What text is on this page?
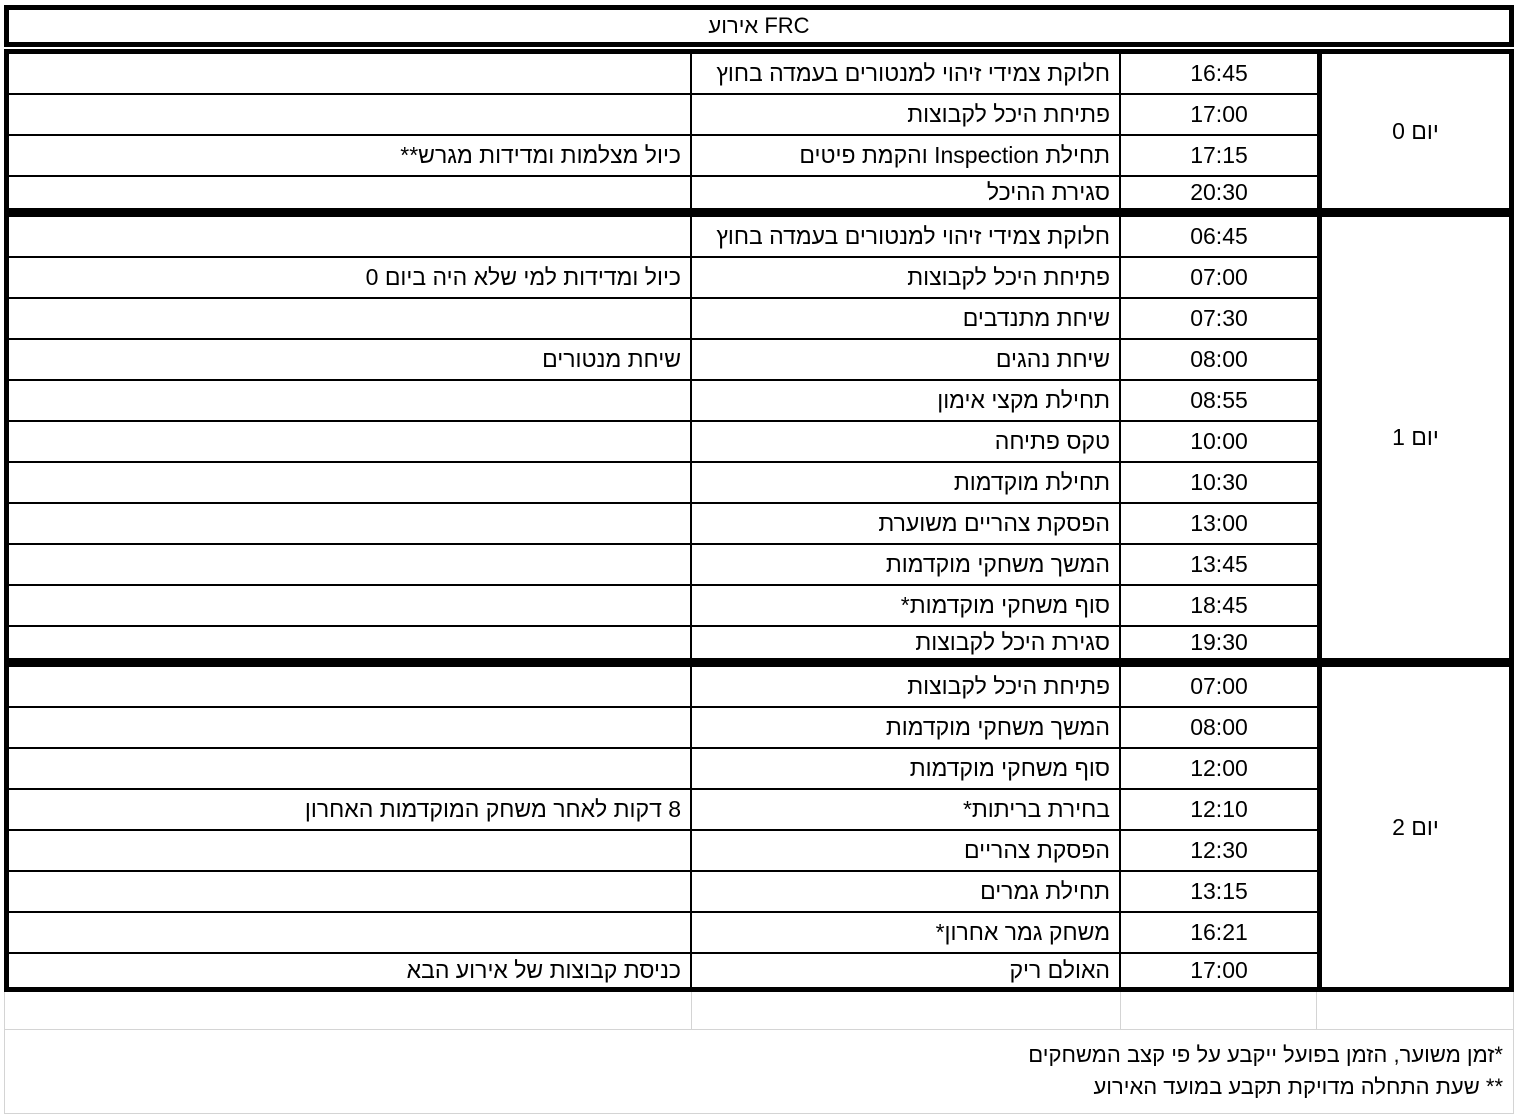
אירוע FRC
חלוקת צמידי זיהוי למנטורים בעמדה בחוץ	16:45
פתיחת היכל לקבוצות	17:00
כיול מצלמות ומדידות מגרש**	תחילת Inspection והקמת פיטים	17:15
סגירת ההיכל	20:30
יום 0
חלוקת צמידי זיהוי למנטורים בעמדה בחוץ	06:45
כיול ומדידות למי שלא היה ביום 0	פתיחת היכל לקבוצות	07:00
שיחת מתנדבים	07:30
שיחת מנטורים	שיחת נהגים	08:00
תחילת מקצי אימון	08:55
טקס פתיחה	10:00
תחילת מוקדמות	10:30
הפסקת צהריים משוערת	13:00
המשך משחקי מוקדמות	13:45
סוף משחקי מוקדמות*	18:45
סגירת היכל לקבוצות	19:30
יום 1
פתיחת היכל לקבוצות	07:00
המשך משחקי מוקדמות	08:00
סוף משחקי מוקדמות	12:00
8 דקות לאחר משחק המוקדמות האחרון	בחירת בריתות*	12:10
הפסקת צהריים	12:30
תחילת גמרים	13:15
משחק גמר אחרון*	16:21
כניסת קבוצות של אירוע הבא	האולם ריק	17:00
יום 2
*זמן משוער, הזמן בפועל ייקבע על פי קצב המשחקים
** שעת התחלה מדויקת תקבע במועד האירוע
